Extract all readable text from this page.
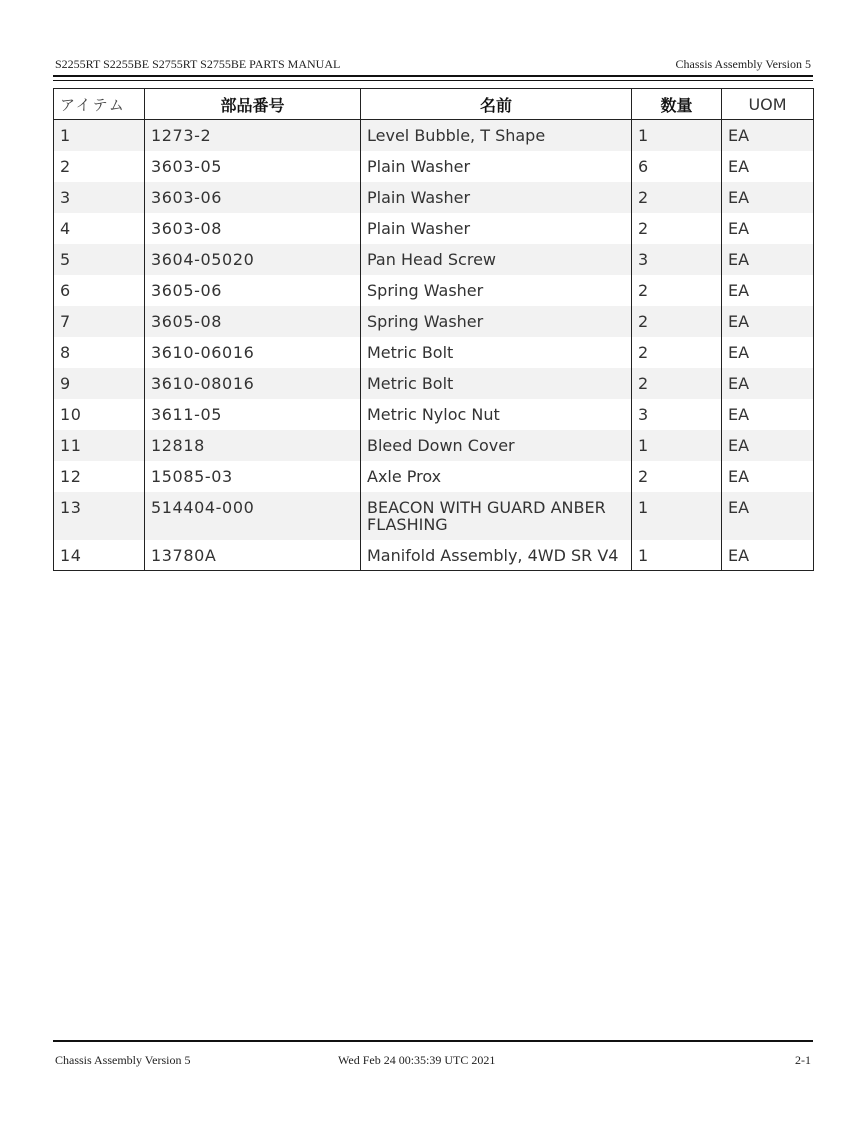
S2255RT S2255BE S2755RT S2755BE PARTS MANUAL	Chassis Assembly Version 5
アイテム	部品番号	名前	数量	UOM
1	1273-2	Level Bubble, T Shape	1	EA
2	3603-05	Plain Washer	6	EA
3	3603-06	Plain Washer	2	EA
4	3603-08	Plain Washer	2	EA
5	3604-05020	Pan Head Screw	3	EA
6	3605-06	Spring Washer	2	EA
7	3605-08	Spring Washer	2	EA
8	3610-06016	Metric Bolt	2	EA
9	3610-08016	Metric Bolt	2	EA
10	3611-05	Metric Nyloc Nut	3	EA
11	12818	Bleed Down Cover	1	EA
12	15085-03	Axle Prox	2	EA
13	514404-000	BEACON WITH GUARD ANBER FLASHING	1	EA
14	13780A	Manifold Assembly, 4WD SR V4	1	EA
Chassis Assembly Version 5	Wed Feb 24 00:35:39 UTC 2021	2-1
